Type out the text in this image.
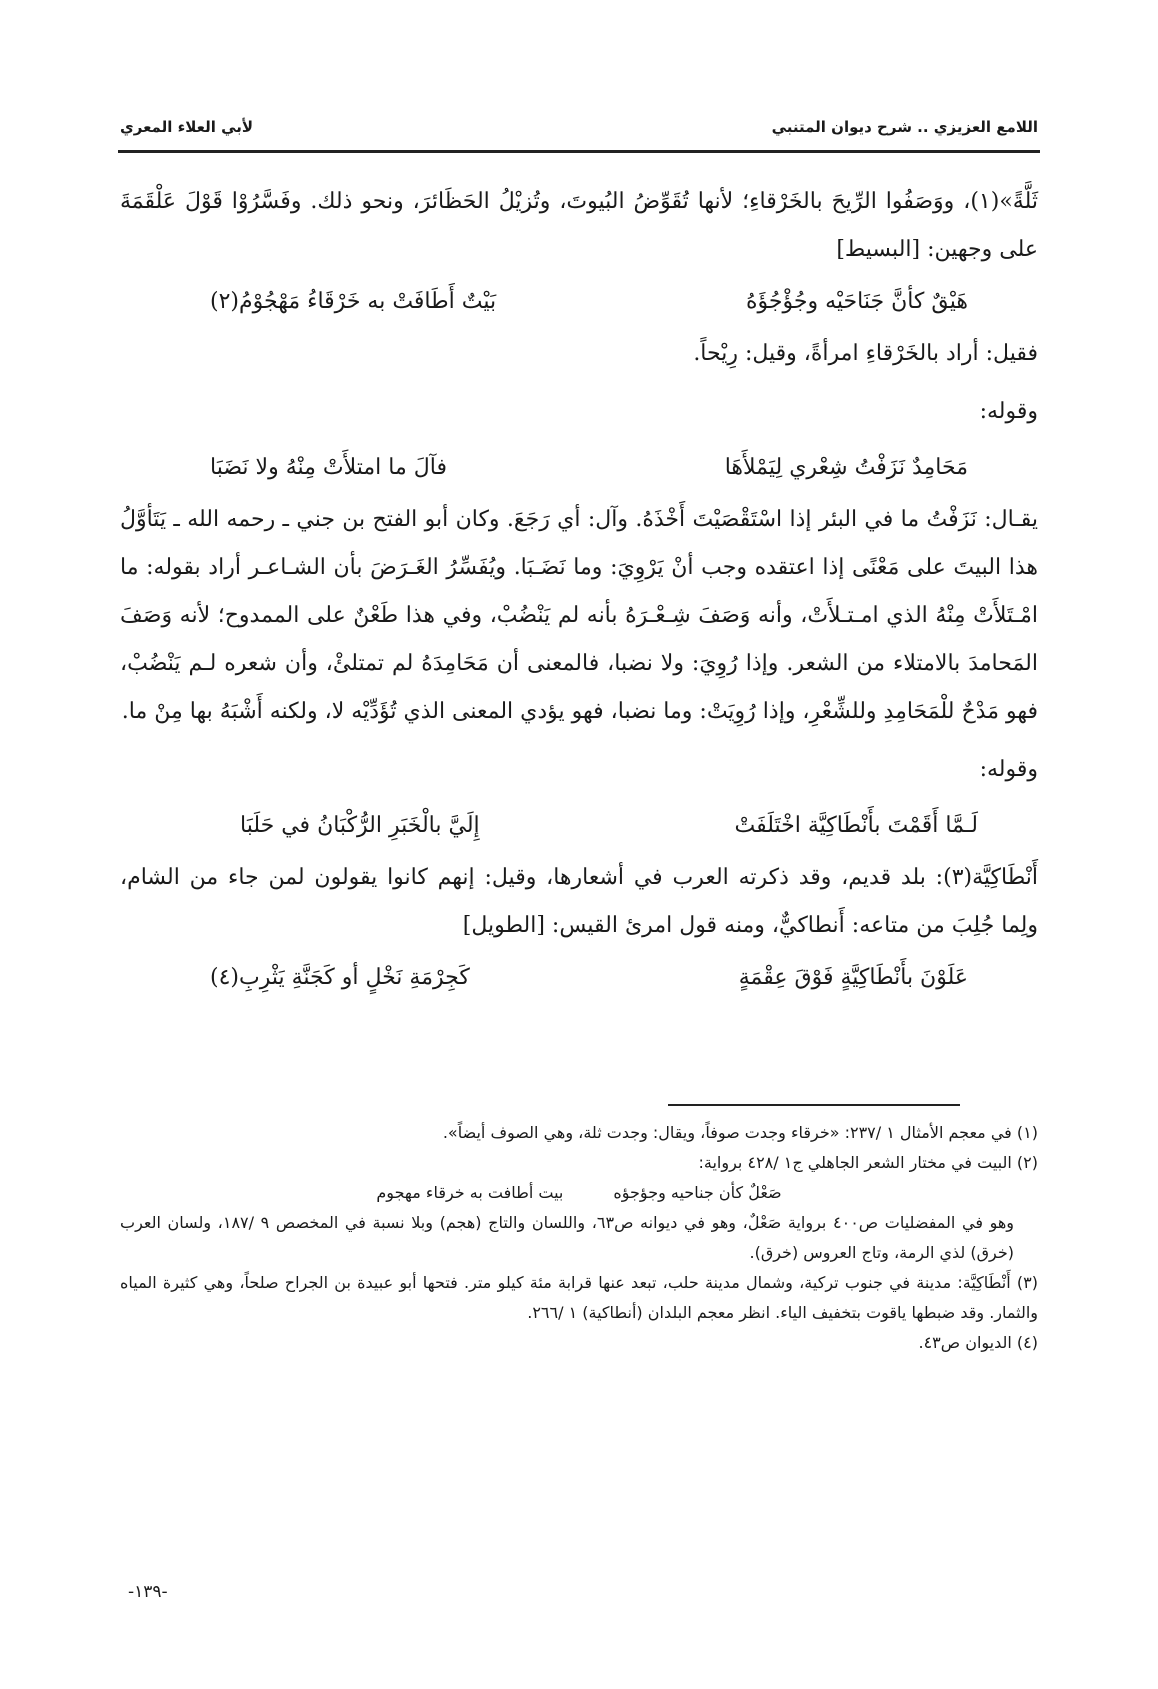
اللامع العزيزي .. شرح ديوان المتنبي
لأبي العلاء المعري

ثَلَّةً»(١)، ووَصَفُوا الرِّيحَ بالخَرْقاءِ؛ لأنها تُقَوِّضُ البُيوتَ، وتُزيْلُ الحَظَائرَ، ونحو ذلك. وفَسَّرُوْا قَوْلَ عَلْقَمَةَ على وجهين: [البسيط]

هَيْقٌ كأنَّ جَنَاحَيْه وجُؤْجُؤَهُ
بَيْتٌ أَطَافَتْ به خَرْقَاءُ مَهْجُوْمُ(٢)

فقيل: أراد بالخَرْقاءِ امرأةً، وقيل: رِيْحاً.

وقوله:

مَحَامِدٌ نَزَفْتُ شِعْري لِيَمْلأَهَا
فآلَ ما امتلأَتْ مِنْهُ ولا نَضَبَا

يقـال: نَزَفْتُ ما في البئر إذا اسْتَقْصَيْتَ أَخْذَهُ. وآل: أي رَجَعَ. وكان أبو الفتح بن جني ـ رحمه الله ـ يَتَأوَّلُ هذا البيتَ على مَعْنًى إذا اعتقده وجب أنْ يَرْوِيَ: وما نَضَـبَا. ويُفَسِّرُ الغَـرَضَ بأن الشـاعـر أراد بقوله: ما امْـتَلأَتْ مِنْهُ الذي امـتـلأَتْ، وأنه وَصَفَ شِـعْـرَهُ بأنه لم يَنْضُبْ، وفي هذا طَعْنٌ على الممدوح؛ لأنه وَصَفَ المَحامدَ بالامتلاء من الشعر. وإذا رُوِيَ: ولا نضبا، فالمعنى أن مَحَامِدَهُ لم تمتلئْ، وأن شعره لـم يَنْضُبْ، فهو مَدْحٌ للْمَحَامِدِ وللشِّعْرِ، وإذا رُوِيَتْ: وما نضبا، فهو يؤدي المعنى الذي تُؤَدِّيْه لا، ولكنه أَشْبَهُ بها مِنْ ما.

وقوله:

لَـمَّا أَقَمْتَ بأَنْطَاكِيَّة اخْتَلَفَتْ
إِلَيَّ بالْخَبَرِ الرُّكْبَانُ في حَلَبَا

أَنْطَاكِيَّة(٣): بلد قديم، وقد ذكرته العرب في أشعارها، وقيل: إنهم كانوا يقولون لمن جاء من الشام، ولِما جُلِبَ من متاعه: أَنطاكيٌّ، ومنه قول امرئ القيس: [الطويل]

عَلَوْنَ بأَنْطَاكِيَّةٍ فَوْقَ عِقْمَةٍ
كَجِرْمَةِ نَخْلٍ أو كَجَنَّةِ يَثْرِبِ(٤)

(١) في معجم الأمثال ١ /٢٣٧: «خرقاء وجدت صوفاً، ويقال: وجدت ثلة، وهي الصوف أيضاً».

(٢) البيت في مختار الشعر الجاهلي ج١ /٤٢٨ برواية:

صَعْلٌ كأن جناحيه وجؤجؤه
بيت أطافت به خرقاء مهجوم

وهو في المفضليات ص٤٠٠ برواية صَعْلٌ، وهو في ديوانه ص٦٣، واللسان والتاج (هجم) وبلا نسبة في المخصص ٩ /١٨٧، ولسان العرب (خرق) لذي الرمة، وتاج العروس (خرق).

(٣) أَنْطَاكِيَّة: مدينة في جنوب تركية، وشمال مدينة حلب، تبعد عنها قرابة مئة كيلو متر. فتحها أبو عبيدة بن الجراح صلحاً، وهي كثيرة المياه والثمار. وقد ضبطها ياقوت بتخفيف الياء. انظر معجم البلدان (أنطاكية) ١ /٢٦٦.

(٤) الديوان ص٤٣.

-١٣٩-
